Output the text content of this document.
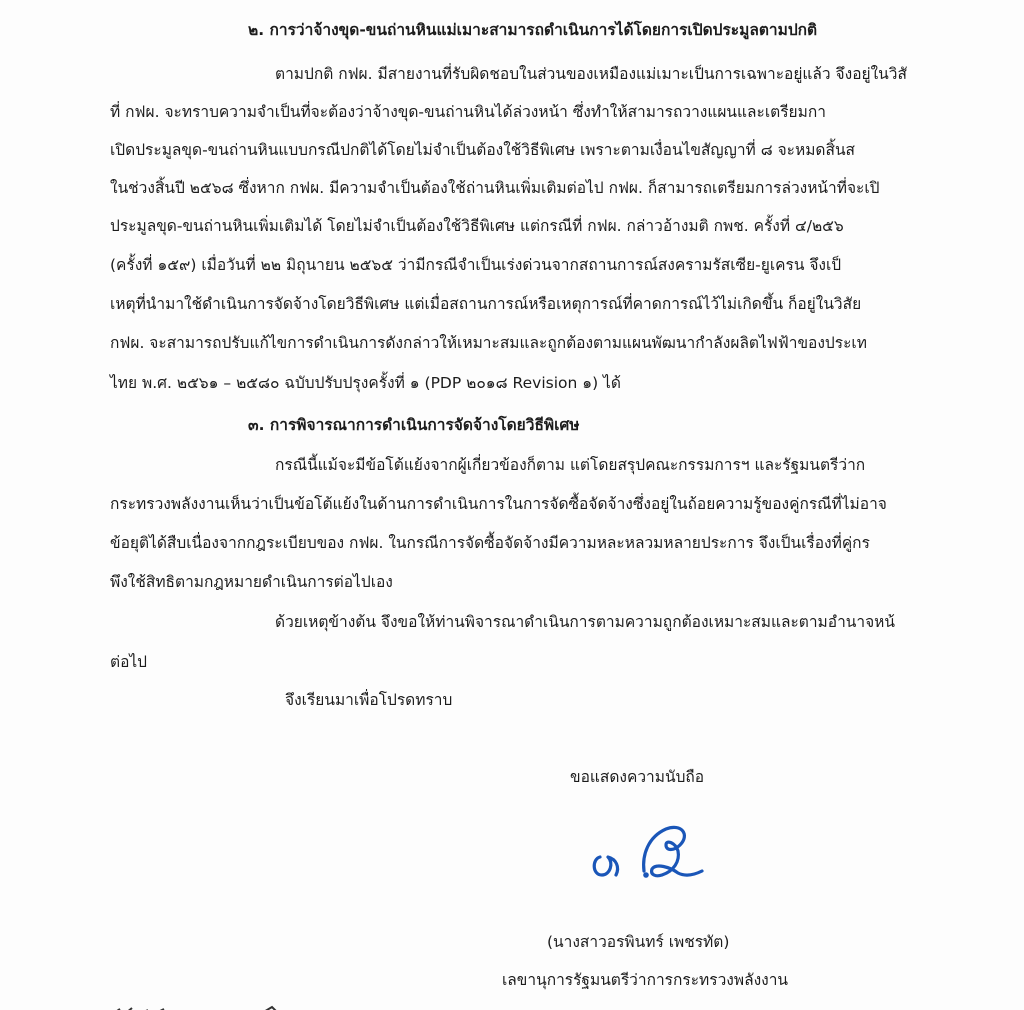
๒. การว่าจ้างขุด-ขนถ่านหินแม่เมาะสามารถดำเนินการได้โดยการเปิดประมูลตามปกติ
ตามปกติ กฟผ. มีสายงานที่รับผิดชอบในส่วนของเหมืองแม่เมาะเป็นการเฉพาะอยู่แล้ว จึงอยู่ในวิสั
ที่ กฟผ. จะทราบความจำเป็นที่จะต้องว่าจ้างขุด-ขนถ่านหินได้ล่วงหน้า ซึ่งทำให้สามารถวางแผนและเตรียมกา
เปิดประมูลขุด-ขนถ่านหินแบบกรณีปกติได้โดยไม่จำเป็นต้องใช้วิธีพิเศษ เพราะตามเงื่อนไขสัญญาที่ ๘ จะหมดสิ้นส
ในช่วงสิ้นปี ๒๕๖๘ ซึ่งหาก กฟผ. มีความจำเป็นต้องใช้ถ่านหินเพิ่มเติมต่อไป กฟผ. ก็สามารถเตรียมการล่วงหน้าที่จะเปิ
ประมูลขุด-ขนถ่านหินเพิ่มเติมได้ โดยไม่จำเป็นต้องใช้วิธีพิเศษ แต่กรณีที่ กฟผ. กล่าวอ้างมติ กพช. ครั้งที่ ๔/๒๕๖
(ครั้งที่ ๑๕๙) เมื่อวันที่ ๒๒ มิถุนายน ๒๕๖๕ ว่ามีกรณีจำเป็นเร่งด่วนจากสถานการณ์สงครามรัสเซีย-ยูเครน จึงเป็
เหตุที่นำมาใช้ดำเนินการจัดจ้างโดยวิธีพิเศษ แต่เมื่อสถานการณ์หรือเหตุการณ์ที่คาดการณ์ไว้ไม่เกิดขึ้น ก็อยู่ในวิสัย
กฟผ. จะสามารถปรับแก้ไขการดำเนินการดังกล่าวให้เหมาะสมและถูกต้องตามแผนพัฒนากำลังผลิตไฟฟ้าของประเท
ไทย พ.ศ. ๒๕๖๑ – ๒๕๘๐ ฉบับปรับปรุงครั้งที่ ๑ (PDP ๒๐๑๘ Revision ๑) ได้
๓. การพิจารณาการดำเนินการจัดจ้างโดยวิธีพิเศษ
กรณีนี้แม้จะมีข้อโต้แย้งจากผู้เกี่ยวข้องก็ตาม แต่โดยสรุปคณะกรรมการฯ และรัฐมนตรีว่าก
กระทรวงพลังงานเห็นว่าเป็นข้อโต้แย้งในด้านการดำเนินการในการจัดซื้อจัดจ้างซึ่งอยู่ในถ้อยความรู้ของคู่กรณีที่ไม่อาจ
ข้อยุติได้สืบเนื่องจากกฎระเบียบของ กฟผ. ในกรณีการจัดซื้อจัดจ้างมีความหละหลวมหลายประการ จึงเป็นเรื่องที่คู่กร
พึงใช้สิทธิตามกฎหมายดำเนินการต่อไปเอง
ด้วยเหตุข้างต้น จึงขอให้ท่านพิจารณาดำเนินการตามความถูกต้องเหมาะสมและตามอำนาจหน้
ต่อไป
จึงเรียนมาเพื่อโปรดทราบ
ขอแสดงความนับถือ
(นางสาวอรพินทร์ เพชรทัต)
เลขานุการรัฐมนตรีว่าการกระทรวงพลังงาน
